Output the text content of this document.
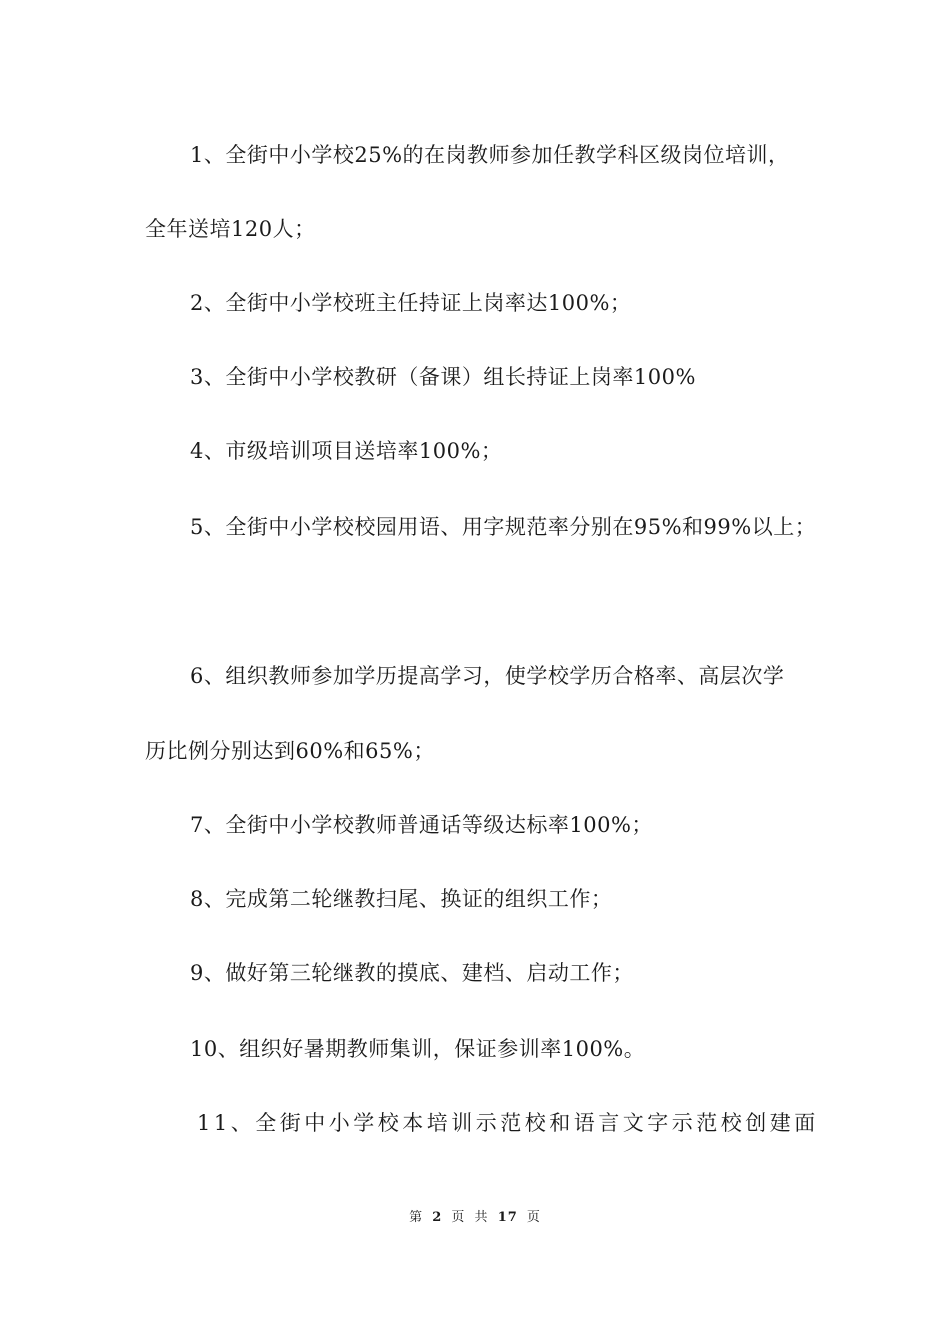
1、全街中小学校25%的在岗教师参加任教学科区级岗位培训，
全年送培120人；
2、全街中小学校班主任持证上岗率达100%；
3、全街中小学校教研（备课）组长持证上岗率100%
4、市级培训项目送培率100%；
5、全街中小学校校园用语、用字规范率分别在95%和99%以上；
6、组织教师参加学历提高学习，使学校学历合格率、高层次学
历比例分别达到60%和65%；
7、全街中小学校教师普通话等级达标率100%；
8、完成第二轮继教扫尾、换证的组织工作；
9、做好第三轮继教的摸底、建档、启动工作；
10、组织好暑期教师集训，保证参训率100%。
11、全街中小学校本培训示范校和语言文字示范校创建面
第 2 页 共 17 页
